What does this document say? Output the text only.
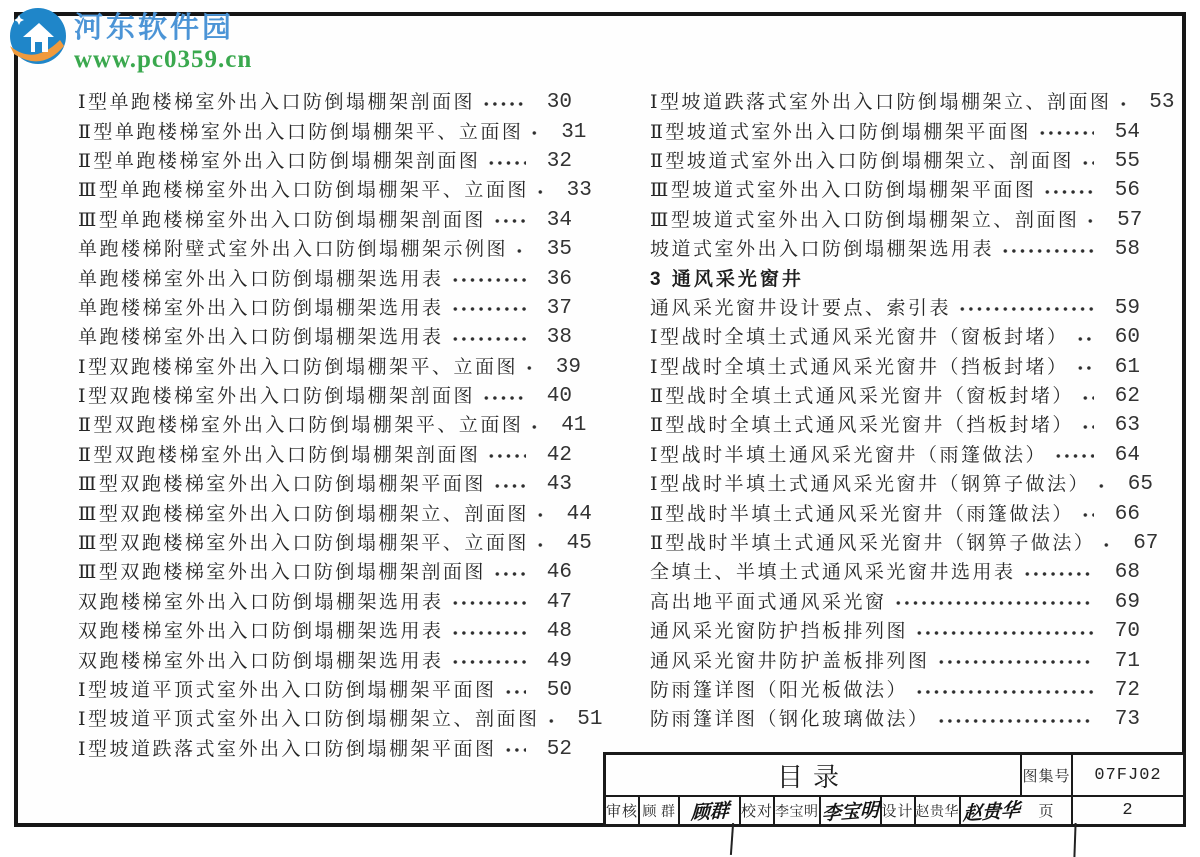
河东软件园
www.pc0359.cn
Ⅰ型单跑楼梯室外出入口防倒塌棚架剖面图	30
Ⅱ型单跑楼梯室外出入口防倒塌棚架平、立面图	31
Ⅱ型单跑楼梯室外出入口防倒塌棚架剖面图	32
Ⅲ型单跑楼梯室外出入口防倒塌棚架平、立面图	33
Ⅲ型单跑楼梯室外出入口防倒塌棚架剖面图	34
单跑楼梯附壁式室外出入口防倒塌棚架示例图	35
单跑楼梯室外出入口防倒塌棚架选用表	36
单跑楼梯室外出入口防倒塌棚架选用表	37
单跑楼梯室外出入口防倒塌棚架选用表	38
Ⅰ型双跑楼梯室外出入口防倒塌棚架平、立面图	39
Ⅰ型双跑楼梯室外出入口防倒塌棚架剖面图	40
Ⅱ型双跑楼梯室外出入口防倒塌棚架平、立面图	41
Ⅱ型双跑楼梯室外出入口防倒塌棚架剖面图	42
Ⅲ型双跑楼梯室外出入口防倒塌棚架平面图	43
Ⅲ型双跑楼梯室外出入口防倒塌棚架立、剖面图	44
Ⅲ型双跑楼梯室外出入口防倒塌棚架平、立面图	45
Ⅲ型双跑楼梯室外出入口防倒塌棚架剖面图	46
双跑楼梯室外出入口防倒塌棚架选用表	47
双跑楼梯室外出入口防倒塌棚架选用表	48
双跑楼梯室外出入口防倒塌棚架选用表	49
Ⅰ型坡道平顶式室外出入口防倒塌棚架平面图	50
Ⅰ型坡道平顶式室外出入口防倒塌棚架立、剖面图	51
Ⅰ型坡道跌落式室外出入口防倒塌棚架平面图	52
Ⅰ型坡道跌落式室外出入口防倒塌棚架立、剖面图	53
Ⅱ型坡道式室外出入口防倒塌棚架平面图	54
Ⅱ型坡道式室外出入口防倒塌棚架立、剖面图	55
Ⅲ型坡道式室外出入口防倒塌棚架平面图	56
Ⅲ型坡道式室外出入口防倒塌棚架立、剖面图	57
坡道式室外出入口防倒塌棚架选用表	58
3 通风采光窗井
通风采光窗井设计要点、索引表	59
Ⅰ型战时全填土式通风采光窗井（窗板封堵）	60
Ⅰ型战时全填土式通风采光窗井（挡板封堵）	61
Ⅱ型战时全填土式通风采光窗井（窗板封堵）	62
Ⅱ型战时全填土式通风采光窗井（挡板封堵）	63
Ⅰ型战时半填土通风采光窗井（雨篷做法）	64
Ⅰ型战时半填土式通风采光窗井（钢箅子做法）	65
Ⅱ型战时半填土式通风采光窗井（雨篷做法）	66
Ⅱ型战时半填土式通风采光窗井（钢箅子做法）	67
全填土、半填土式通风采光窗井选用表	68
高出地平面式通风采光窗	69
通风采光窗防护挡板排列图	70
通风采光窗井防护盖板排列图	71
防雨篷详图（阳光板做法）	72
防雨篷详图（钢化玻璃做法）	73
目录	图集号	07FJ02
审核 顾 群 顾群 校对 李宝明 李宝明 设计 赵贵华 赵贵华	页	2
